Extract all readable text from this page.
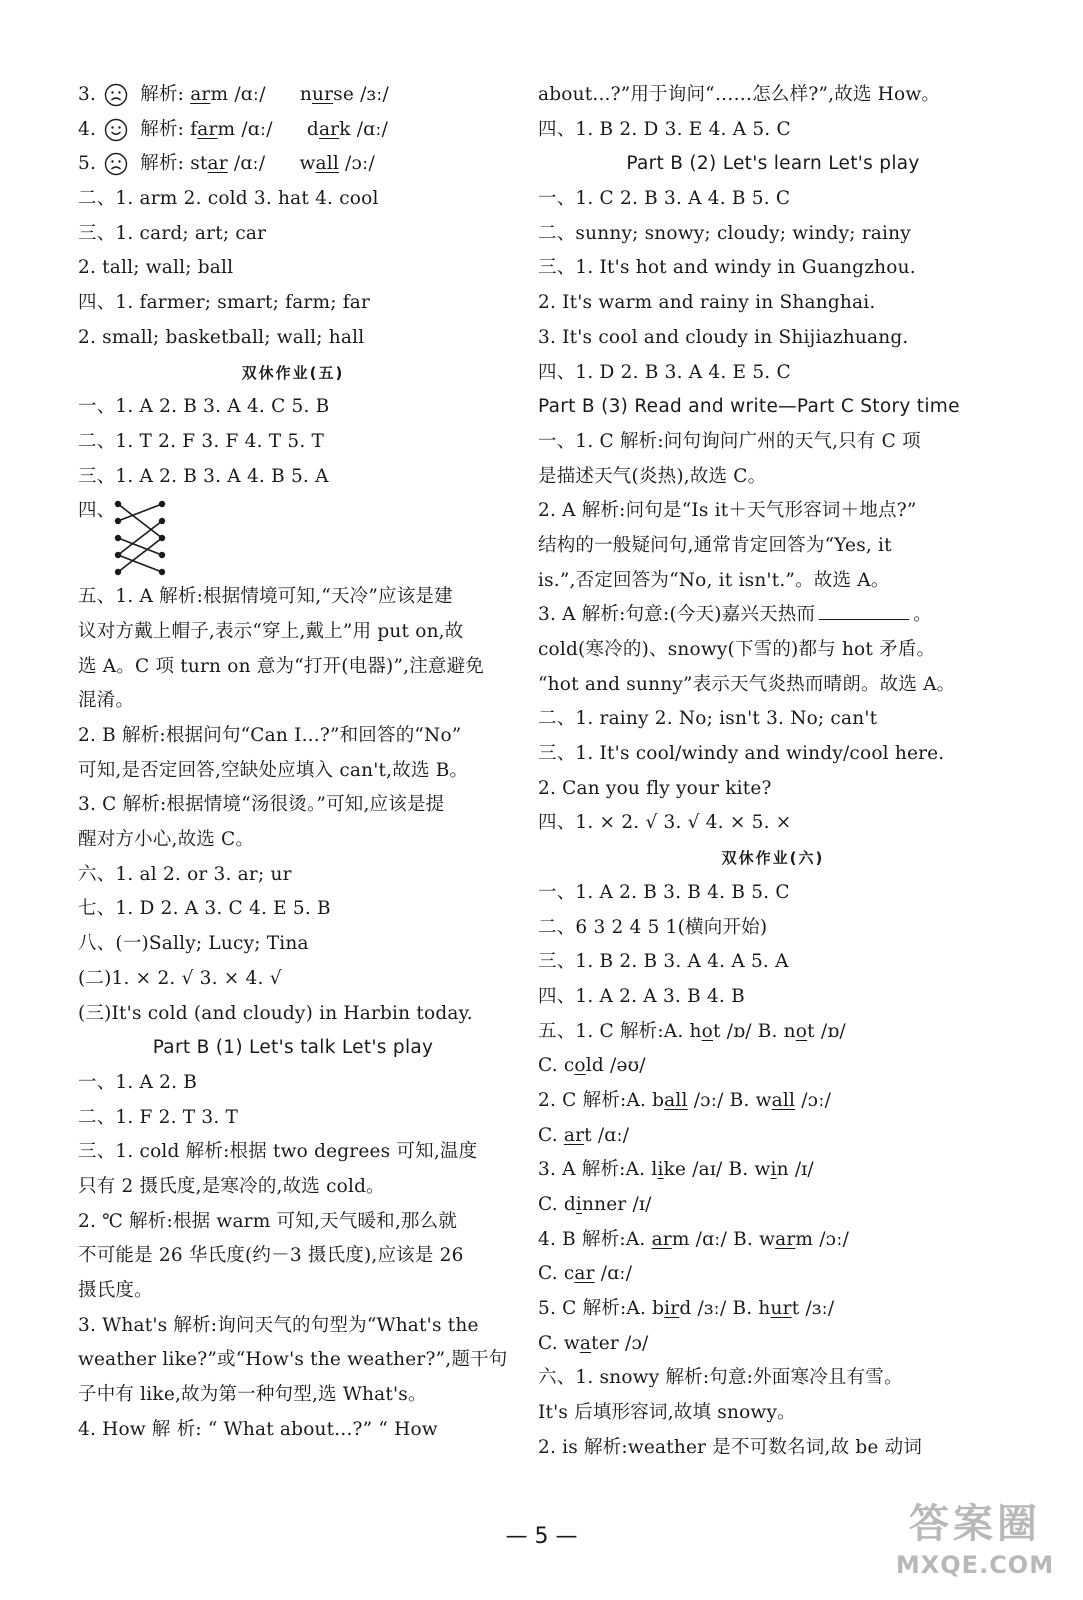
3. 解析: arm /ɑː/ nurse /ɜː/
4. 解析: farm /ɑː/ dark /ɑː/
5. 解析: star /ɑː/ wall /ɔː/
二、1. arm 2. cold 3. hat 4. cool
三、1. card; art; car
2. tall; wall; ball
四、1. farmer; smart; farm; far
2. small; basketball; wall; hall
双休作业(五)
一、1. A 2. B 3. A 4. C 5. B
二、1. T 2. F 3. F 4. T 5. T
三、1. A 2. B 3. A 4. B 5. A
四、
五、1. A 解析:根据情境可知,“天冷”应该是建
议对方戴上帽子,表示“穿上,戴上”用 put on,故
选 A。C 项 turn on 意为“打开(电器)”,注意避免
混淆。
2. B 解析:根据问句“Can I...?”和回答的“No”
可知,是否定回答,空缺处应填入 can't,故选 B。
3. C 解析:根据情境“汤很烫。”可知,应该是提
醒对方小心,故选 C。
六、1. al 2. or 3. ar; ur
七、1. D 2. A 3. C 4. E 5. B
八、(一)Sally; Lucy; Tina
(二)1. × 2. √ 3. × 4. √
(三)It's cold (and cloudy) in Harbin today.
Part B (1) Let's talk Let's play
一、1. A 2. B
二、1. F 2. T 3. T
三、1. cold 解析:根据 two degrees 可知,温度
只有 2 摄氏度,是寒冷的,故选 cold。
2. ℃ 解析:根据 warm 可知,天气暖和,那么就
不可能是 26 华氏度(约－3 摄氏度),应该是 26
摄氏度。
3. What's 解析:询问天气的句型为“What's the
weather like?”或“How's the weather?”,题干句
子中有 like,故为第一种句型,选 What's。
4. How 解 析: “ What about...?” “ How
about...?”用于询问“……怎么样?”,故选 How。
四、1. B 2. D 3. E 4. A 5. C
Part B (2) Let's learn Let's play
一、1. C 2. B 3. A 4. B 5. C
二、sunny; snowy; cloudy; windy; rainy
三、1. It's hot and windy in Guangzhou.
2. It's warm and rainy in Shanghai.
3. It's cool and cloudy in Shijiazhuang.
四、1. D 2. B 3. A 4. E 5. C
Part B (3) Read and write—Part C Story time
一、1. C 解析:问句询问广州的天气,只有 C 项
是描述天气(炎热),故选 C。
2. A 解析:问句是“Is it＋天气形容词＋地点?”
结构的一般疑问句,通常肯定回答为“Yes, it
is.”,否定回答为“No, it isn't.”。故选 A。
3. A 解析:句意:(今天)嘉兴天热而	。
cold(寒冷的)、snowy(下雪的)都与 hot 矛盾。
“hot and sunny”表示天气炎热而晴朗。故选 A。
二、1. rainy 2. No; isn't 3. No; can't
三、1. It's cool/windy and windy/cool here.
2. Can you fly your kite?
四、1. × 2. √ 3. √ 4. × 5. ×
双休作业(六)
一、1. A 2. B 3. B 4. B 5. C
二、6 3 2 4 5 1(横向开始)
三、1. B 2. B 3. A 4. A 5. A
四、1. A 2. A 3. B 4. B
五、1. C 解析:A. hot /ɒ/ B. not /ɒ/
C. cold /əʊ/
2. C 解析:A. ball /ɔː/ B. wall /ɔː/
C. art /ɑː/
3. A 解析:A. like /aɪ/ B. win /ɪ/
C. dinner /ɪ/
4. B 解析:A. arm /ɑː/ B. warm /ɔː/
C. car /ɑː/
5. C 解析:A. bird /ɜː/ B. hurt /ɜː/
C. water /ɔ/
六、1. snowy 解析:句意:外面寒冷且有雪。
It's 后填形容词,故填 snowy。
2. is 解析:weather 是不可数名词,故 be 动词
— 5 —	答案圈
MXQE.COM
